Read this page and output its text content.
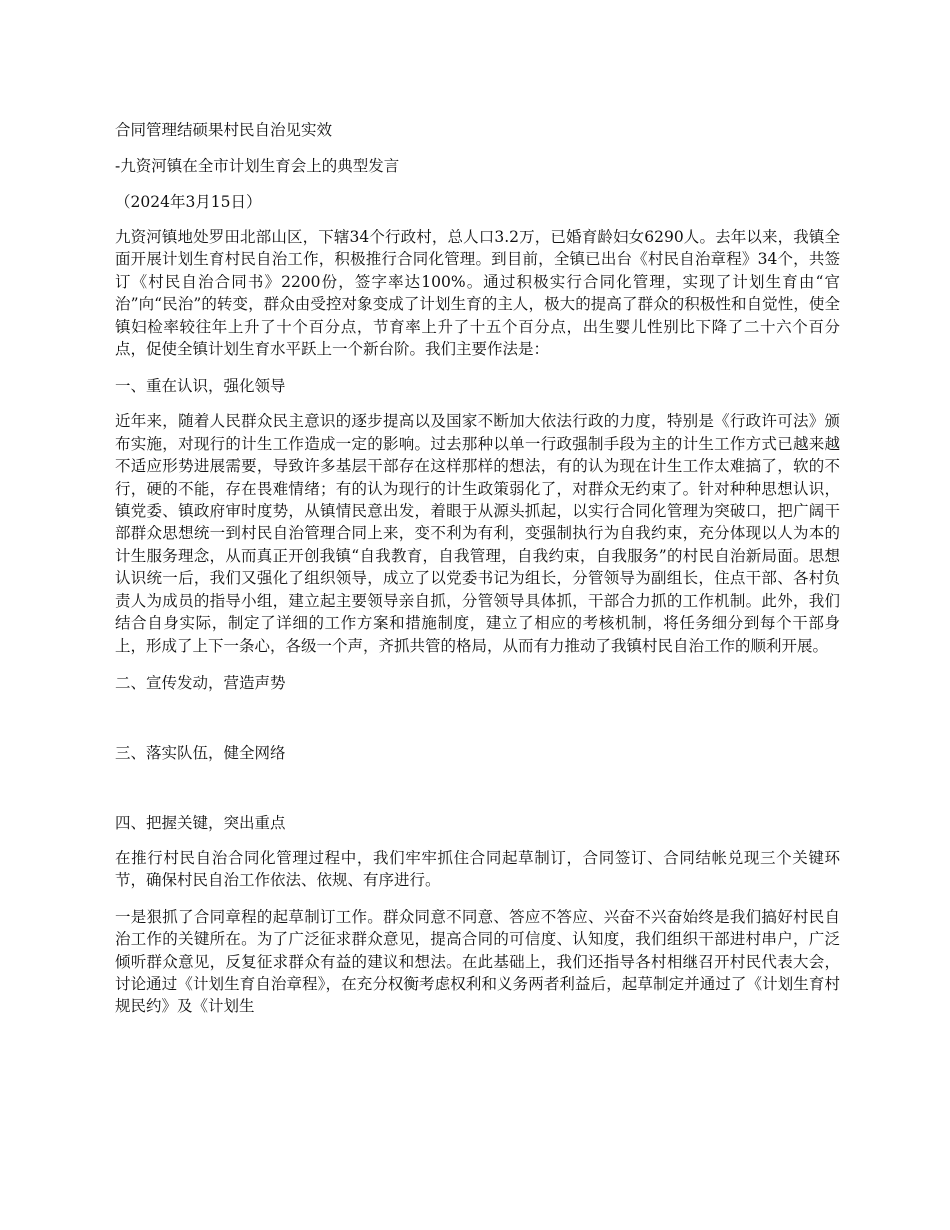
合同管理结硕果村民自治见实效

-九资河镇在全市计划生育会上的典型发言

（2024年3月15日）

九资河镇地处罗田北部山区，下辖34个行政村，总人口3.2万，已婚育龄妇女6290人。去年以来，我镇全面开展计划生育村民自治工作，积极推行合同化管理。到目前，全镇已出台《村民自治章程》34个，共签订《村民自治合同书》2200份，签字率达100%。通过积极实行合同化管理，实现了计划生育由“官治”向“民治”的转变，群众由受控对象变成了计划生育的主人，极大的提高了群众的积极性和自觉性，使全镇妇检率较往年上升了十个百分点，节育率上升了十五个百分点，出生婴儿性别比下降了二十六个百分点，促使全镇计划生育水平跃上一个新台阶。我们主要作法是：

一、重在认识，强化领导

近年来，随着人民群众民主意识的逐步提高以及国家不断加大依法行政的力度，特别是《行政许可法》颁布实施，对现行的计生工作造成一定的影响。过去那种以单一行政强制手段为主的计生工作方式已越来越不适应形势进展需要，导致许多基层干部存在这样那样的想法，有的认为现在计生工作太难搞了，软的不行，硬的不能，存在畏难情绪；有的认为现行的计生政策弱化了，对群众无约束了。针对种种思想认识，镇党委、镇政府审时度势，从镇情民意出发，着眼于从源头抓起，以实行合同化管理为突破口，把广阔干部群众思想统一到村民自治管理合同上来，变不利为有利，变强制执行为自我约束，充分体现以人为本的计生服务理念，从而真正开创我镇“自我教育，自我管理，自我约束，自我服务”的村民自治新局面。思想认识统一后，我们又强化了组织领导，成立了以党委书记为组长，分管领导为副组长，住点干部、各村负责人为成员的指导小组，建立起主要领导亲自抓，分管领导具体抓，干部合力抓的工作机制。此外，我们结合自身实际，制定了详细的工作方案和措施制度，建立了相应的考核机制，将任务细分到每个干部身上，形成了上下一条心，各级一个声，齐抓共管的格局，从而有力推动了我镇村民自治工作的顺利开展。

二、宣传发动，营造声势

三、落实队伍，健全网络

四、把握关键，突出重点

在推行村民自治合同化管理过程中，我们牢牢抓住合同起草制订，合同签订、合同结帐兑现三个关键环节，确保村民自治工作依法、依规、有序进行。

一是狠抓了合同章程的起草制订工作。群众同意不同意、答应不答应、兴奋不兴奋始终是我们搞好村民自治工作的关键所在。为了广泛征求群众意见，提高合同的可信度、认知度，我们组织干部进村串户，广泛倾听群众意见，反复征求群众有益的建议和想法。在此基础上，我们还指导各村相继召开村民代表大会，讨论通过《计划生育自治章程》，在充分权衡考虑权利和义务两者利益后，起草制定并通过了《计划生育村规民约》及《计划生
